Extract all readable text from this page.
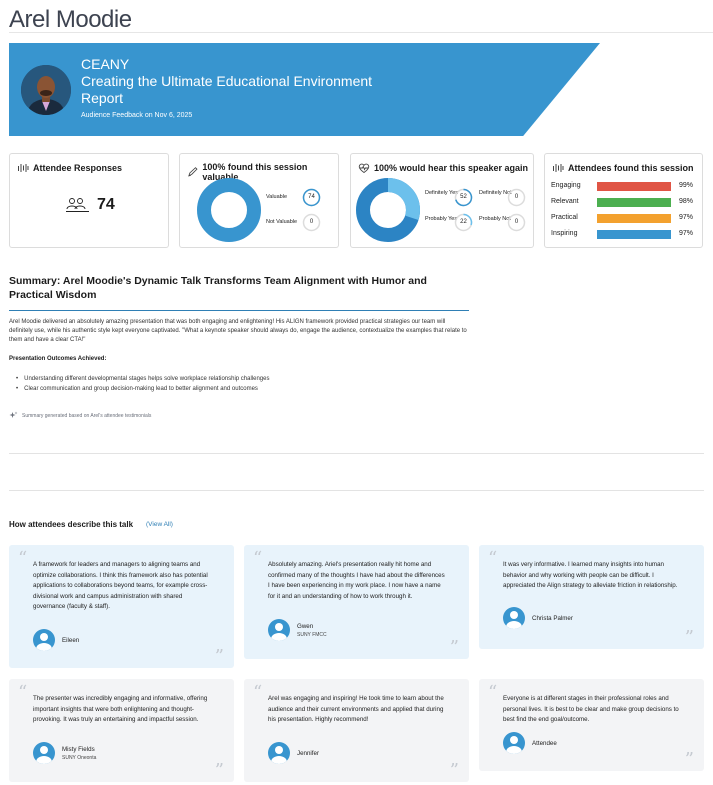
Arel Moodie
CEANY
Creating the Ultimate Educational Environment Report
Audience Feedback on Nov 6, 2025
Attendee Responses
74
100% found this session valuable
Valuable	74
Not Valuable	0
100% would hear this speaker again
Definitely Yes
52
Definitely Not
0
Probably Yes 22	Probably Not 0
Attendees found this session
Engaging	99%
Relevant	98%
Practical	97%
Inspiring	97%
Summary: Arel Moodie's Dynamic Talk Transforms Team Alignment with Humor and Practical Wisdom
Arel Moodie delivered an absolutely amazing presentation that was both engaging and enlightening! His ALIGN framework provided practical strategies our team will definitely use, while his authentic style kept everyone captivated. "What a keynote speaker should always do, engage the audience, contextualize the examples that relate to them and have a clear CTA!"
Presentation Outcomes Achieved:
• Understanding different developmental stages helps solve workplace relationship challenges
• Clear communication and group decision-making lead to better alignment and outcomes
Summary generated based on Arel's attendee testimonials
How attendees describe this talk (View All)
“ A framework for leaders and managers to aligning teams and optimize collaborations. I think this framework also has potential applications to collaborations beyond teams, for example cross-divisional work and campus administration with shared governance (faculty & staff).
Eileen
”
“ Absolutely amazing. Ariel's presentation really hit home and confirmed many of the thoughts I have had about the differences I have been experiencing in my work place. I now have a name for it and an understanding of how to work through it.
Gwen
SUNY FMCC
”
“ It was very informative. I learned many insights into human behavior and why working with people can be difficult. I appreciated the Align strategy to alleviate friction in relationship.
Christa Palmer
”
“ The presenter was incredibly engaging and informative, offering important insights that were both enlightening and thought-provoking. It was truly an entertaining and impactful session.
Misty Fields
SUNY Oneonta
”
“ Arel was engaging and inspiring! He took time to learn about the audience and their current environments and applied that during his presentation. Highly recommend!
Jennifer
”
“ Everyone is at different stages in their professional roles and personal lives. It is best to be clear and make group decisions to best find the end goal/outcome.
Attendee
”
